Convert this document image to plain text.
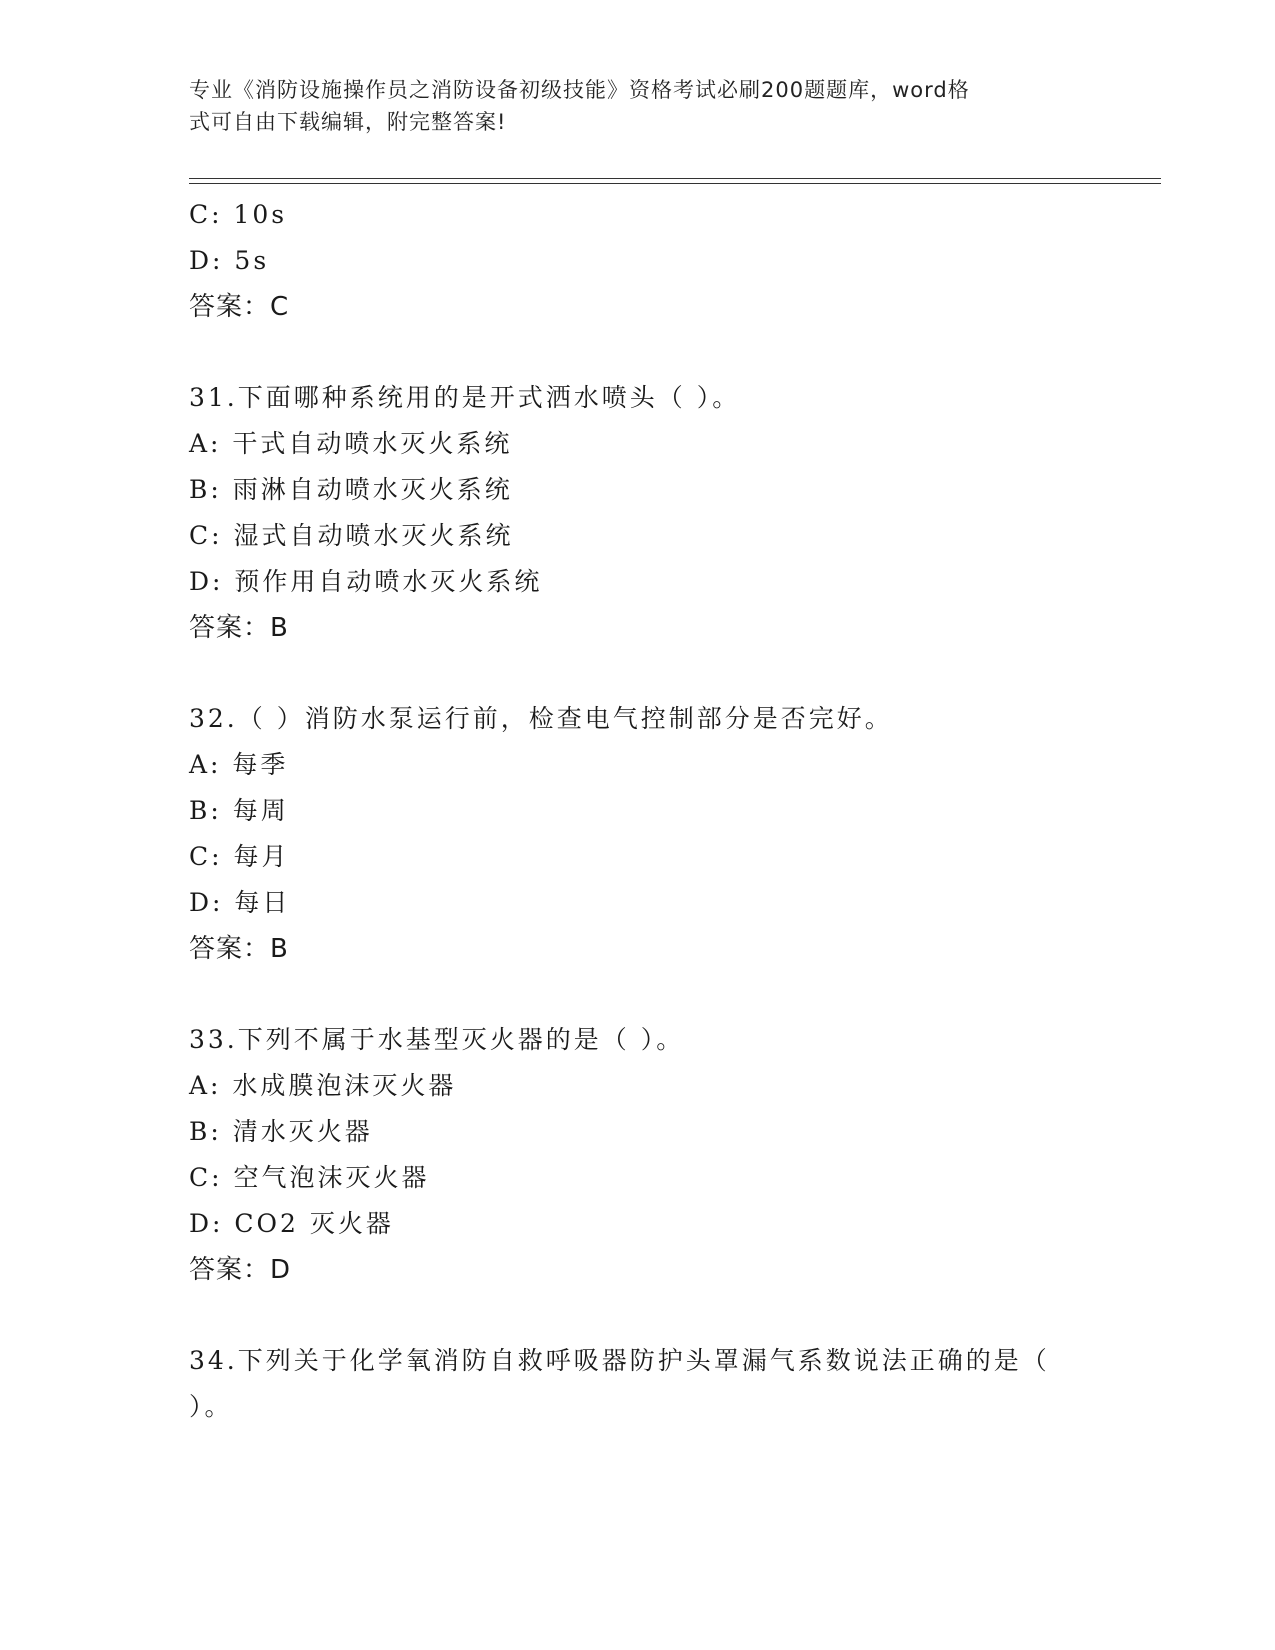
专业《消防设施操作员之消防设备初级技能》资格考试必刷200题题库，word格
式可自由下载编辑，附完整答案!
C: 10s
D: 5s
答案：C
31.下面哪种系统用的是开式洒水喷头（ ）。
A: 干式自动喷水灭火系统
B: 雨淋自动喷水灭火系统
C: 湿式自动喷水灭火系统
D: 预作用自动喷水灭火系统
答案：B
32.（ ）消防水泵运行前，检查电气控制部分是否完好。
A: 每季
B: 每周
C: 每月
D: 每日
答案：B
33.下列不属于水基型灭火器的是（ ）。
A: 水成膜泡沫灭火器
B: 清水灭火器
C: 空气泡沫灭火器
D: CO2 灭火器
答案：D
34.下列关于化学氧消防自救呼吸器防护头罩漏气系数说法正确的是（
）。
